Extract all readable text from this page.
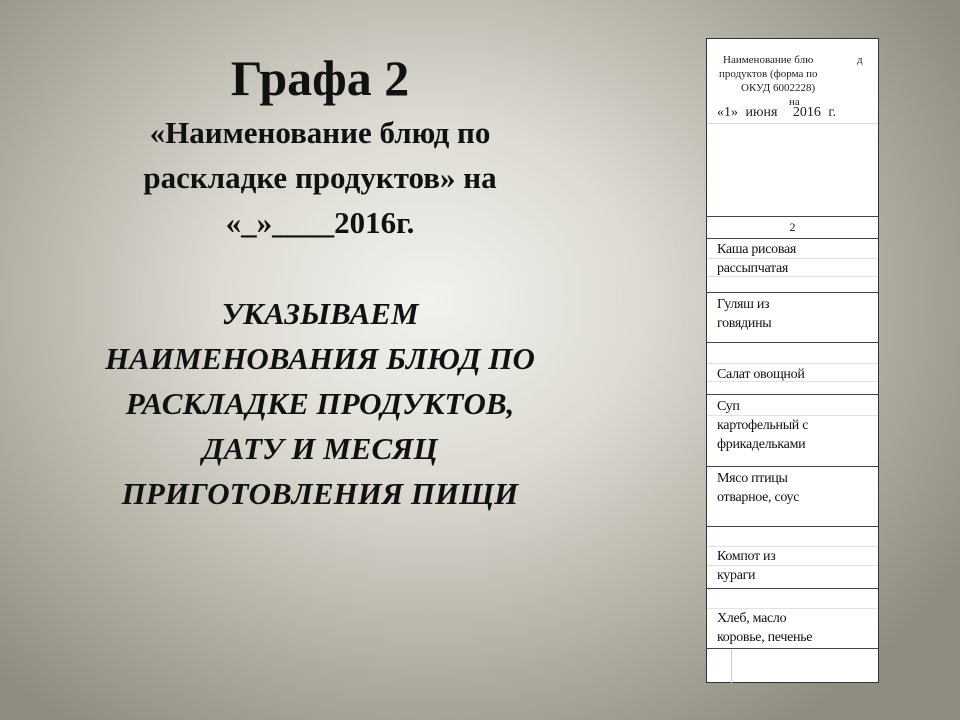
Графа 2
«Наименование блюд по
раскладке продуктов» на
«_»____2016г.
УКАЗЫВАЕМ
НАИМЕНОВАНИЯ БЛЮД ПО
РАСКЛАДКЕ ПРОДУКТОВ,
ДАТУ И МЕСЯЦ
ПРИГОТОВЛЕНИЯ ПИЩИ
Наименование блю	д
продуктов (форма по
ОКУД 6002228)
на
«1» июня 2016 г.
2
Каша рисовая
рассыпчатая
Гуляш из
говядины
Салат овощной
Суп
картофельный с
фрикадельками
Мясо птицы
отварное, соус
Компот из
кураги
Хлеб, масло
коровье, печенье
